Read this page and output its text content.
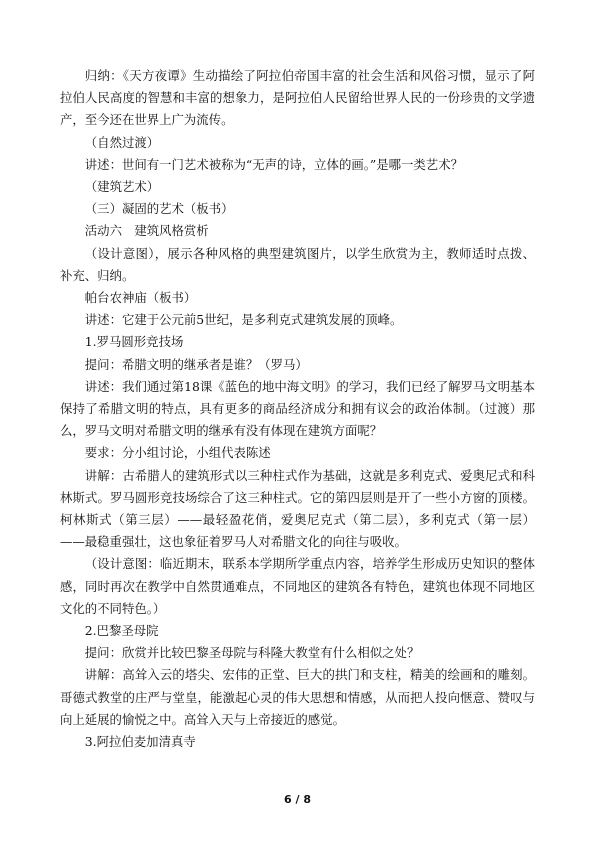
归纳：《天方夜谭》生动描绘了阿拉伯帝国丰富的社会生活和风俗习惯，显示了阿拉伯人民高度的智慧和丰富的想象力，是阿拉伯人民留给世界人民的一份珍贵的文学遗产，至今还在世界上广为流传。

（自然过渡）

讲述：世间有一门艺术被称为“无声的诗，立体的画。”是哪一类艺术？

（建筑艺术）

（三）凝固的艺术（板书）

活动六　建筑风格赏析

（设计意图），展示各种风格的典型建筑图片，以学生欣赏为主，教师适时点拨、补充、归纳。

帕台农神庙（板书）

讲述：它建于公元前5世纪，是多利克式建筑发展的顶峰。

1.罗马圆形竞技场

提问：希腊文明的继承者是谁？（罗马）

讲述：我们通过第18课《蓝色的地中海文明》的学习，我们已经了解罗马文明基本保持了希腊文明的特点，具有更多的商品经济成分和拥有议会的政治体制。（过渡）那么，罗马文明对希腊文明的继承有没有体现在建筑方面呢？

要求：分小组讨论，小组代表陈述

讲解：古希腊人的建筑形式以三种柱式作为基础，这就是多利克式、爱奥尼式和科林斯式。罗马圆形竞技场综合了这三种柱式。它的第四层则是开了一些小方窗的顶楼。柯林斯式（第三层）——最轻盈花俏，爱奥尼克式（第二层），多利克式（第一层）——最稳重强壮，这也象征着罗马人对希腊文化的向往与吸收。

（设计意图：临近期末，联系本学期所学重点内容，培养学生形成历史知识的整体感，同时再次在教学中自然贯通难点，不同地区的建筑各有特色，建筑也体现不同地区文化的不同特色。）

2.巴黎圣母院

提问：欣赏并比较巴黎圣母院与科隆大教堂有什么相似之处？

讲解：高耸入云的塔尖、宏伟的正堂、巨大的拱门和支柱，精美的绘画和的雕刻。哥德式教堂的庄严与堂皇，能激起心灵的伟大思想和情感，从而把人投向惬意、赞叹与向上延展的愉悦之中。高耸入天与上帝接近的感觉。

3.阿拉伯麦加清真寺

6 / 8
